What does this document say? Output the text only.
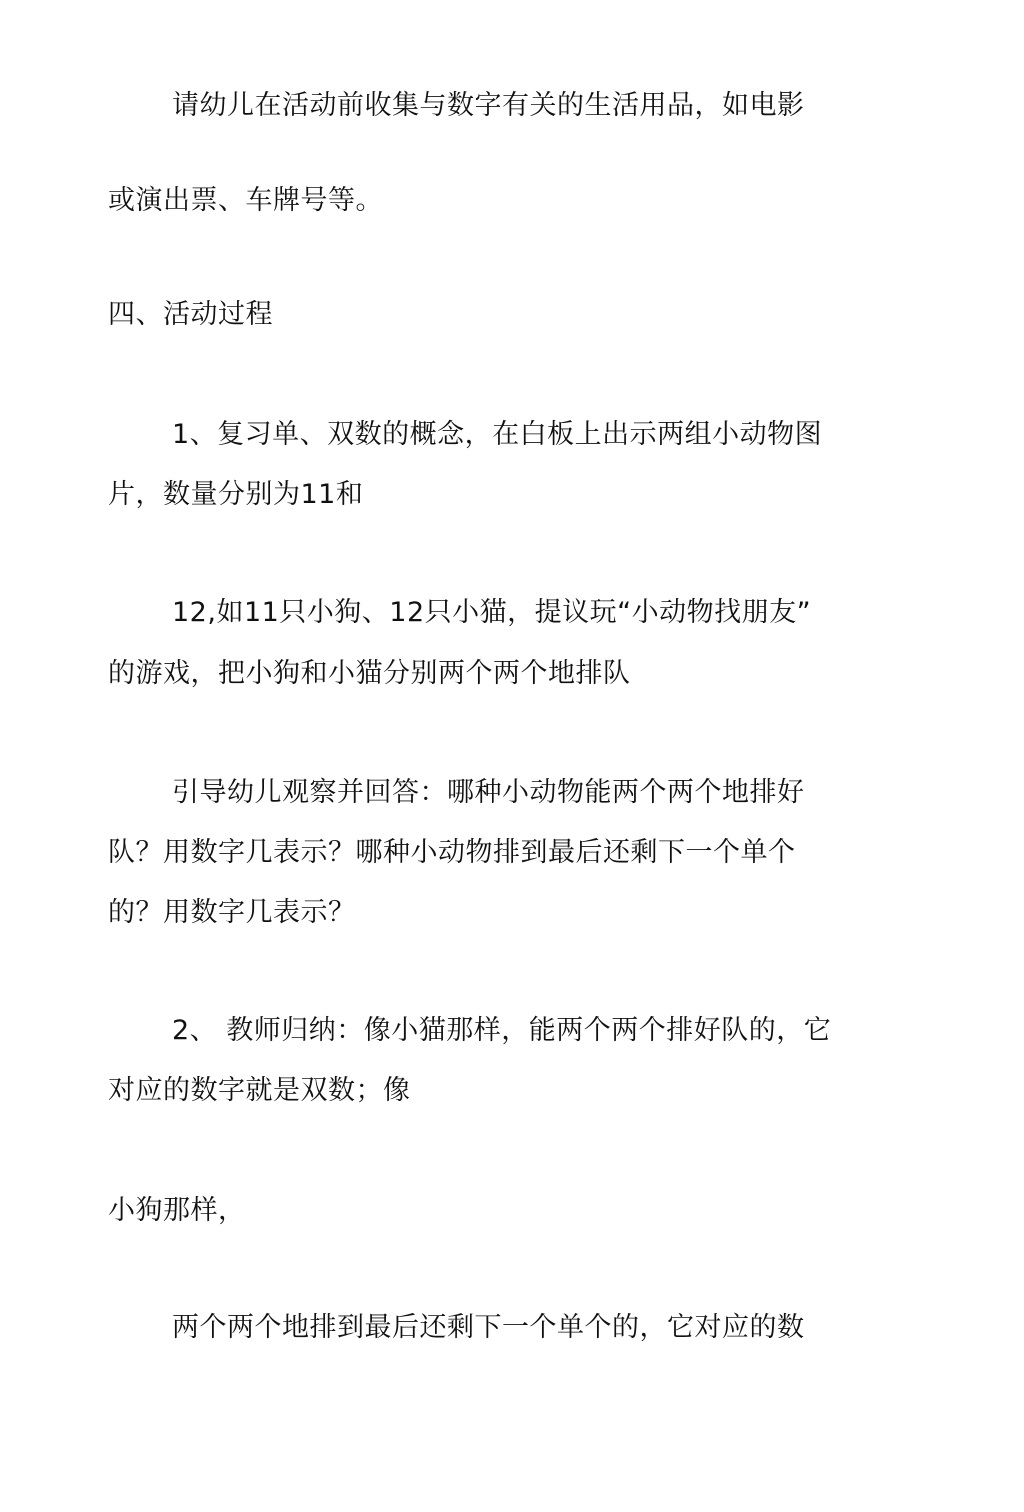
请幼儿在活动前收集与数字有关的生活用品，如电影
或演出票、车牌号等。
四、活动过程
1、复习单、双数的概念，在白板上出示两组小动物图
片，数量分别为11和
12,如11只小狗、12只小猫，提议玩“小动物找朋友”
的游戏，把小狗和小猫分别两个两个地排队
引导幼儿观察并回答：哪种小动物能两个两个地排好
队？用数字几表示？哪种小动物排到最后还剩下一个单个
的？用数字几表示？
2、 教师归纳：像小猫那样，能两个两个排好队的，它
对应的数字就是双数；像
小狗那样，
两个两个地排到最后还剩下一个单个的，它对应的数
